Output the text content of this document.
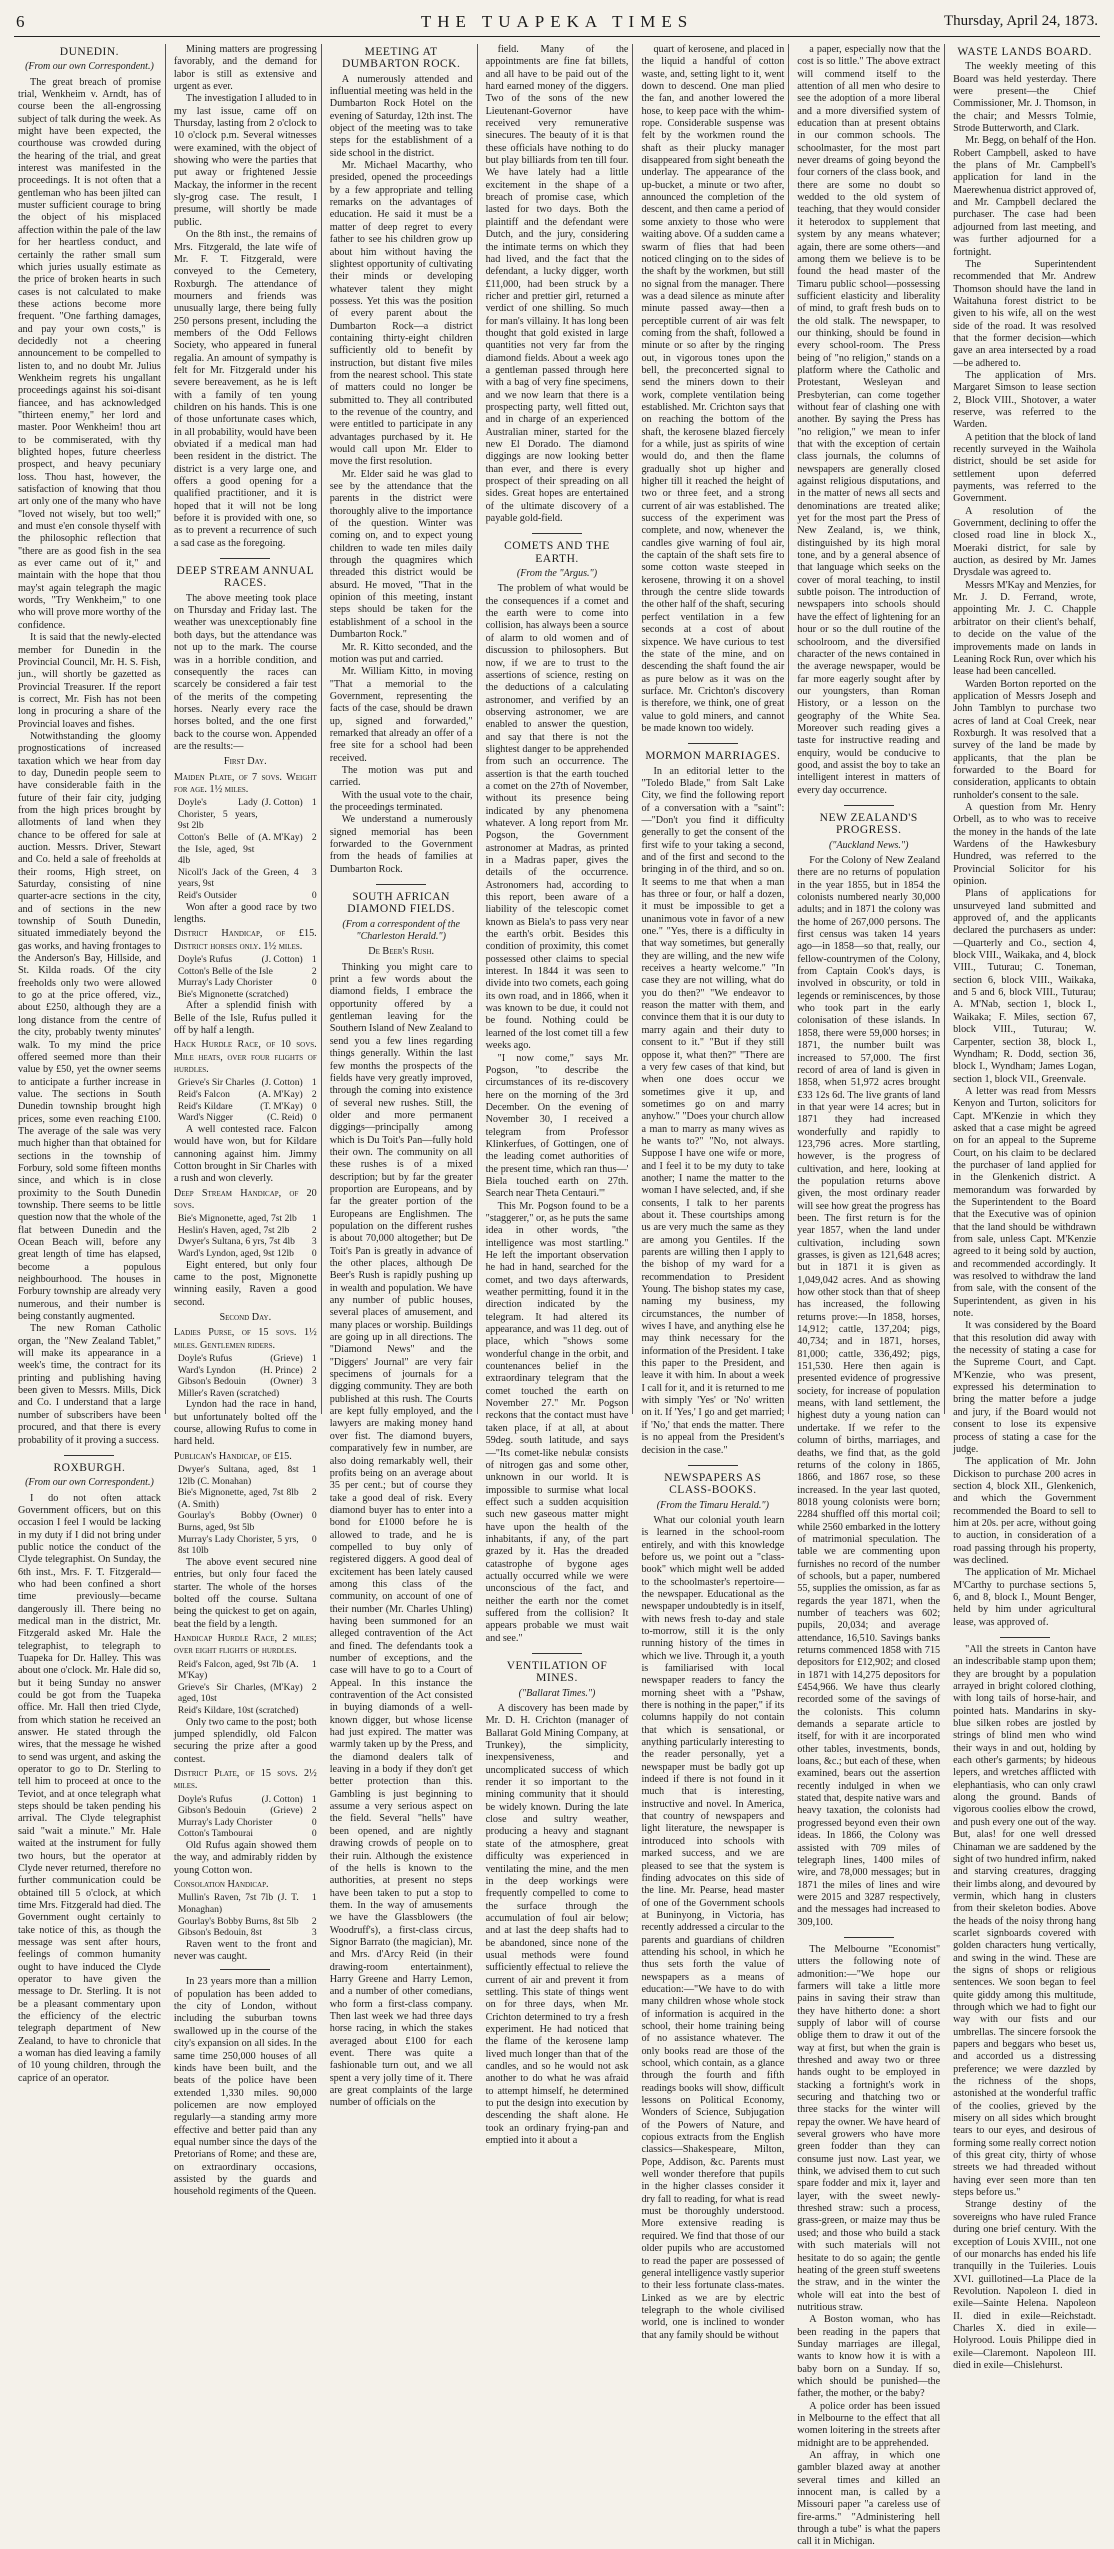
6	THE TUAPEKA TIMES	Thursday, April 24, 1873.
DUNEDIN.
(From our own Correspondent.)

The great breach of promise trial, Wenkheim v. Arndt, has of course been the all-engrossing subject of talk during the week. As might have been expected, the courthouse was crowded during the hearing of the trial, and great interest was manifested in the proceedings. It is not often that a gentleman who has been jilted can muster sufficient courage to bring the object of his misplaced affection within the pale of the law for her heartless conduct, and certainly the rather small sum which juries usually estimate as the price of broken hearts in such cases is not calculated to make these actions become more frequent. "One farthing damages, and pay your own costs," is decidedly not a cheering announcement to be compelled to listen to, and no doubt Mr. Julius Wenkheim regrets his ungallant proceedings against his soi-disant fiancee, and has acknowledged "thirteen enemy," her lord and master. Poor Wenkheim! thou art to be commiserated, with thy blighted hopes, future cheerless prospect, and heavy pecuniary loss. Thou hast, however, the satisfaction of knowing that thou art only one of the many who have "loved not wisely, but too well;" and must e'en console thyself with the philosophic reflection that "there are as good fish in the sea as ever came out of it," and maintain with the hope that thou may'st again telegraph the magic words, "Try Wenkheim," to one who will prove more worthy of the confidence.

It is said that the newly-elected member for Dunedin in the Provincial Council, Mr. H. S. Fish, jun., will shortly be gazetted as Provincial Treasurer. If the report is correct, Mr. Fish has not been long in procuring a share of the Provincial loaves and fishes.

Notwithstanding the gloomy prognostications of increased taxation which we hear from day to day, Dunedin people seem to have considerable faith in the future of their fair city, judging from the high prices brought by allotments of land when they chance to be offered for sale at auction. Messrs. Driver, Stewart and Co. held a sale of freeholds at their rooms, High street, on Saturday, consisting of nine quarter-acre sections in the city, and of sections in the new township of South Dunedin, situated immediately beyond the gas works, and having frontages to the Anderson's Bay, Hillside, and St. Kilda roads. Of the city freeholds only two were allowed to go at the price offered, viz., about £250, although they are a long distance from the centre of the city, probably twenty minutes' walk. To my mind the price offered seemed more than their value by £50, yet the owner seems to anticipate a further increase in value. The sections in South Dunedin township brought high prices, some even reaching £100. The average of the sale was very much higher than that obtained for sections in the township of Forbury, sold some fifteen months since, and which is in close proximity to the South Dunedin township. There seems to be little question now that the whole of the flat between Dunedin and the Ocean Beach will, before any great length of time has elapsed, become a populous neighbourhood. The houses in Forbury township are already very numerous, and their number is being constantly augmented.

The new Roman Catholic organ, the "New Zealand Tablet," will make its appearance in a week's time, the contract for its printing and publishing having been given to Messrs. Mills, Dick and Co. I understand that a large number of subscribers have been procured, and that there is every probability of it proving a success.

ROXBURGH.
(From our own Correspondent.)

I do not often attack Government officers, but on this occasion I feel I would be lacking in my duty if I did not bring under public notice the conduct of the Clyde telegraphist. On Sunday, the 6th inst., Mrs. F. T. Fitzgerald—who had been confined a short time previously—became dangerously ill. There being no medical man in the district, Mr. Fitzgerald asked Mr. Hale the telegraphist, to telegraph to Tuapeka for Dr. Halley. This was about one o'clock. Mr. Hale did so, but it being Sunday no answer could be got from the Tuapeka office. Mr. Hall then tried Clyde, from which station he received an answer. He stated through the wires, that the message he wished to send was urgent, and asking the operator to go to Dr. Sterling to tell him to proceed at once to the Teviot, and at once telegraph what steps should be taken pending his arrival. The Clyde telegraphist said "wait a minute." Mr. Hale waited at the instrument for fully two hours, but the operator at Clyde never returned, therefore no further communication could be obtained till 5 o'clock, at which time Mrs. Fitzgerald had died. The Government ought certainly to take notice of this, as though the message was sent after hours, feelings of common humanity ought to have induced the Clyde operator to have given the message to Dr. Sterling. It is not be a pleasant commentary upon the efficiency of the electric telegraph department of New Zealand, to have to chronicle that a woman has died leaving a family of 10 young children, through the caprice of an operator.

Mining matters are progressing favorably, and the demand for labor is still as extensive and urgent as ever.

The investigation I alluded to in my last issue, came off on Thursday, lasting from 2 o'clock to 10 o'clock p.m. Several witnesses were examined, with the object of showing who were the parties that put away or frightened Jessie Mackay, the informer in the recent sly-grog case. The result, I presume, will shortly be made public.

On the 8th inst., the remains of Mrs. Fitzgerald, the late wife of Mr. F. T. Fitzgerald, were conveyed to the Cemetery, Roxburgh. The attendance of mourners and friends was unusually large, there being fully 250 persons present, including the members of the Odd Fellows Society, who appeared in funeral regalia. An amount of sympathy is felt for Mr. Fitzgerald under his severe bereavement, as he is left with a family of ten young children on his hands. This is one of those unfortunate cases which, in all probability, would have been obviated if a medical man had been resident in the district. The district is a very large one, and offers a good opening for a qualified practitioner, and it is hoped that it will not be long before it is provided with one, so as to prevent a recurrence of such a sad case as the foregoing.

DEEP STREAM ANNUAL RACES.

The above meeting took place on Thursday and Friday last. The weather was unexceptionably fine both days, but the attendance was not up to the mark. The course was in a horrible condition, and consequently the races can scarcely be considered a fair test of the merits of the competing horses. Nearly every race the horses bolted, and the one first back to the course won. Appended are the results:—

First Day.
Maiden Plate, of 7 sovs. Weight for age. 1½ miles.
Doyle's Lady Chorister, 5 years, 9st 2lb
(J. Cotton) 1
Cotton's Belle of the Isle, aged, 9st 4lb
(A. M'Kay) 2
Nicoll's Jack of the Green, 4 years, 9st
3
Reid's Outsider	0

Won after a good race by two lengths.

District Handicap, of £15. District horses only. 1½ miles.
Doyle's Rufus	(J. Cotton) 1
Cotton's Belle of the Isle	2
Murray's Lady Chorister	0
Bie's Mignonette (scratched)

After a splendid finish with Belle of the Isle, Rufus pulled it off by half a length.

Hack Hurdle Race, of 10 sovs. Mile heats, over four flights of hurdles.
Grieve's Sir Charles (J. Cotton) 1
Reid's Falcon	(A. M'Kay) 2
Reid's Kildare	(T. M'Kay) 0
Ward's Nigger	(C. Reid) 0

A well contested race. Falcon would have won, but for Kildare cannoning against him. Jimmy Cotton brought in Sir Charles with a rush and won cleverly.

Deep Stream Handicap, of 20 sovs.
Bie's Mignonette, aged, 7st 2lb	1
Heslin's Haven, aged, 7st 2lb	2
Dwyer's Sultana, 6 yrs, 7st 4lb	3
Ward's Lyndon, aged, 9st 12lb	0

Eight entered, but only four came to the post, Mignonette winning easily, Raven a good second.

Second Day.
Ladies Purse, of 15 sovs. 1½ miles. Gentlemen riders.
Doyle's Rufus	(Grieve) 1
Ward's Lyndon	(H. Prince) 2
Gibson's Bedouin	(Owner) 3
Miller's Raven (scratched)

Lyndon had the race in hand, but unfortunately bolted off the course, allowing Rufus to come in hard held.

Publican's Handicap, of £15.
Dwyer's Sultana, aged, 8st 12lb (C. Monahan)
1
Bie's Mignonette, aged, 7st 8lb (A. Smith)
2
Gourlay's Bobby Burns, aged, 9st 5lb
(Owner) 0
Murray's Lady Chorister, 5 yrs, 8st 10lb
0

The above event secured nine entries, but only four faced the starter. The whole of the horses bolted off the course. Sultana being the quickest to get on again, beat the field by a length.

Handicap Hurdle Race, 2 miles; over eight flights of hurdles.
Reid's Falcon, aged, 9st 7lb (A. M'Kay)
1
Grieve's Sir Charles, aged, 10st
(M'Kay) 2
Reid's Kildare, 10st (scratched)

Only two came to the post; both jumped splendidly, old Falcon securing the prize after a good contest.

District Plate, of 15 sovs. 2½ miles.
Doyle's Rufus	(J. Cotton) 1
Gibson's Bedouin	(Grieve) 2
Murray's Lady Chorister	0
Cotton's Tambourai	0

Old Rufus again showed them the way, and admirably ridden by young Cotton won.

Consolation Handicap.
Mullin's Raven, 7st 7lb (J. T. Monaghan)
1
Gourlay's Bobby Burns, 8st 5lb	2
Gibson's Bedouin, 8st	3

Raven went to the front and never was caught.

In 23 years more than a million of population has been added to the city of London, without including the suburban towns swallowed up in the course of the city's expansion on all sides. In the same time 250,000 houses of all kinds have been built, and the beats of the police have been extended 1,330 miles. 90,000 policemen are now employed regularly—a standing army more effective and better paid than any equal number since the days of the Pretorians of Rome; and these are, on extraordinary occasions, assisted by the guards and household regiments of the Queen.

MEETING AT DUMBARTON ROCK.

A numerously attended and influential meeting was held in the Dumbarton Rock Hotel on the evening of Saturday, 12th inst. The object of the meeting was to take steps for the establishment of a side school in the district.

Mr. Michael Macarthy, who presided, opened the proceedings by a few appropriate and telling remarks on the advantages of education. He said it must be a matter of deep regret to every father to see his children grow up about him without having the slightest opportunity of cultivating their minds or developing whatever talent they might possess. Yet this was the position of every parent about the Dumbarton Rock—a district containing thirty-eight children sufficiently old to benefit by instruction, but distant five miles from the nearest school. This state of matters could no longer be submitted to. They all contributed to the revenue of the country, and were entitled to participate in any advantages purchased by it. He would call upon Mr. Elder to move the first resolution.

Mr. Elder said he was glad to see by the attendance that the parents in the district were thoroughly alive to the importance of the question. Winter was coming on, and to expect young children to wade ten miles daily through the quagmires which threaded this district would be absurd. He moved, "That in the opinion of this meeting, instant steps should be taken for the establishment of a school in the Dumbarton Rock."

Mr. R. Kitto seconded, and the motion was put and carried.

Mr. William Kitto, in moving "That a memorial to the Government, representing the facts of the case, should be drawn up, signed and forwarded," remarked that already an offer of a free site for a school had been received.

The motion was put and carried.

With the usual vote to the chair, the proceedings terminated.

We understand a numerously signed memorial has been forwarded to the Government from the heads of families at Dumbarton Rock.

SOUTH AFRICAN DIAMOND FIELDS.
(From a correspondent of the "Charleston Herald.")
De Beer's Rush.

Thinking you might care to print a few words about the diamond fields, I embrace the opportunity offered by a gentleman leaving for the Southern Island of New Zealand to send you a few lines regarding things generally. Within the last few months the prospects of the fields have very greatly improved, through the coming into existence of several new rushes. Still, the older and more permanent diggings—principally among which is Du Toit's Pan—fully hold their own. The community on all these rushes is of a mixed description; but by far the greater proportion are Europeans, and by far the greater portion of the Europeans are Englishmen. The population on the different rushes is about 70,000 altogether; but De Toit's Pan is greatly in advance of the other places, although De Beer's Rush is rapidly pushing up in wealth and population. We have any number of public houses, several places of amusement, and many places or worship. Buildings are going up in all directions. The "Diamond News" and the "Diggers' Journal" are very fair specimens of journals for a digging community. They are both published at this rush. The Courts are kept fully employed, and the lawyers are making money hand over fist. The diamond buyers, comparatively few in number, are also doing remarkably well, their profits being on an average about 35 per cent.; but of course they take a good deal of risk. Every diamond buyer has to enter into a bond for £1000 before he is allowed to trade, and he is compelled to buy only of registered diggers. A good deal of excitement has been lately caused among this class of the community, on account of one of their number (Mr. Charles Uhling) having been summoned for an alleged contravention of the Act and fined. The defendants took a number of exceptions, and the case will have to go to a Court of Appeal. In this instance the contravention of the Act consisted in buying diamonds of a well-known digger, but whose license had just expired. The matter was warmly taken up by the Press, and the diamond dealers talk of leaving in a body if they don't get better protection than this. Gambling is just beginning to assume a very serious aspect on the field. Several "hells" have been opened, and are nightly drawing crowds of people on to their ruin. Although the existence of the hells is known to the authorities, at present no steps have been taken to put a stop to them. In the way of amusements we have the Glassblowers (the Woodruff's), a first-class circus, Signor Barrato (the magician), Mr. and Mrs. d'Arcy Reid (in their drawing-room entertainment), Harry Greene and Harry Lemon, and a number of other comedians, who form a first-class company. Then last week we had three days horse racing, in which the stakes averaged about £100 for each event. There was quite a fashionable turn out, and we all spent a very jolly time of it. There are great complaints of the large number of officials on the

field. Many of the appointments are fine fat billets, and all have to be paid out of the hard earned money of the diggers. Two of the sons of the new Lieutenant-Governor have received very remunerative sinecures. The beauty of it is that these officials have nothing to do but play billiards from ten till four. We have lately had a little excitement in the shape of a breach of promise case, which lasted for two days. Both the plaintiff and the defendant were Dutch, and the jury, considering the intimate terms on which they had lived, and the fact that the defendant, a lucky digger, worth £11,000, had been struck by a richer and prettier girl, returned a verdict of one shilling. So much for man's villainy. It has long been thought that gold existed in large quantities not very far from the diamond fields. About a week ago a gentleman passed through here with a bag of very fine specimens, and we now learn that there is a prospecting party, well fitted out, and in charge of an experienced Australian miner, started for the new El Dorado. The diamond diggings are now looking better than ever, and there is every prospect of their spreading on all sides. Great hopes are entertained of the ultimate discovery of a payable gold-field.

COMETS AND THE EARTH.
(From the "Argus.")

The problem of what would be the consequences if a comet and the earth were to come into collision, has always been a source of alarm to old women and of discussion to philosophers. But now, if we are to trust to the assertions of science, resting on the deductions of a calculating astronomer, and verified by an observing astronomer, we are enabled to answer the question, and say that there is not the slightest danger to be apprehended from such an occurrence. The assertion is that the earth touched a comet on the 27th of November, without its presence being indicated by any phenomena whatever. A long report from Mr. Pogson, the Government astronomer at Madras, as printed in a Madras paper, gives the details of the occurrence. Astronomers had, according to this report, been aware of a liability of the telescopic comet known as Biela's to pass very near the earth's orbit. Besides this condition of proximity, this comet possessed other claims to special interest. In 1844 it was seen to divide into two comets, each going its own road, and in 1866, when it was known to be due, it could not be found. Nothing could be learned of the lost comet till a few weeks ago.

"I now come," says Mr. Pogson, "to describe the circumstances of its re-discovery here on the morning of the 3rd December. On the evening of November 30, I received a telegram from Professor Klinkerfues, of Gottingen, one of the leading comet authorities of the present time, which ran thus—' Biela touched earth on 27th. Search near Theta Centauri.'"

This Mr. Pogson found to be a "staggerer," or, as he puts the same idea in other words, "the intelligence was most startling." He left the important observation he had in hand, searched for the comet, and two days afterwards, weather permitting, found it in the direction indicated by the telegram. It had altered its appearance, and was 11 deg. out of place, which "shows some wonderful change in the orbit, and countenances belief in the extraordinary telegram that the comet touched the earth on November 27." Mr. Pogson reckons that the contact must have taken place, if at all, at about 59deg. south latitude, and says—"Its comet-like nebulæ consists of nitrogen gas and some other, unknown in our world. It is impossible to surmise what local effect such a sudden acquisition such new gaseous matter might have upon the health of the inhabitants, if any, of the part grazed by it. Has the dreaded catastrophe of bygone ages actually occurred while we were unconscious of the fact, and neither the earth nor the comet suffered from the collision? It appears probable we must wait and see."

VENTILATION OF MINES.
("Ballarat Times.")

A discovery has been made by Mr. D. H. Crichton (manager of Ballarat Gold Mining Company, at Trunkey), the simplicity, inexpensiveness, and uncomplicated success of which render it so important to the mining community that it should be widely known. During the late close and sultry weather, producing a heavy and stagnant state of the atmosphere, great difficulty was experienced in ventilating the mine, and the men in the deep workings were frequently compelled to come to the surface through the accumulation of foul air below; and at last the deep shafts had to be abandoned, since none of the usual methods were found sufficiently effectual to relieve the current of air and prevent it from settling. This state of things went on for three days, when Mr. Crichton determined to try a fresh experiment. He had noticed that the flame of the kerosene lamp lived much longer than that of the candles, and so he would not ask another to do what he was afraid to attempt himself, he determined to put the design into execution by descending the shaft alone. He took an ordinary frying-pan and emptied into it about a

quart of kerosene, and placed in the liquid a handful of cotton waste, and, setting light to it, went down to descend. One man plied the fan, and another lowered the hose, to keep pace with the whim-rope. Considerable suspense was felt by the workmen round the shaft as their plucky manager disappeared from sight beneath the underlay. The appearance of the up-bucket, a minute or two after, announced the completion of the descent, and then came a period of some anxiety to those who were waiting above. Of a sudden came a swarm of flies that had been noticed clinging on to the sides of the shaft by the workmen, but still no signal from the manager. There was a dead silence as minute after minute passed away—then a perceptible current of air was felt coming from the shaft, followed a minute or so after by the ringing out, in vigorous tones upon the bell, the preconcerted signal to send the miners down to their work, complete ventilation being established. Mr. Crichton says that on reaching the bottom of the shaft, the kerosene blazed fiercely for a while, just as spirits of wine would do, and then the flame gradually shot up higher and higher till it reached the height of two or three feet, and a strong current of air was established. The success of the experiment was complete, and now, whenever the candles give warning of foul air, the captain of the shaft sets fire to some cotton waste steeped in kerosene, throwing it on a shovel through the centre slide towards the other half of the shaft, securing perfect ventilation in a few seconds at a cost of about sixpence. We have curious to test the state of the mine, and on descending the shaft found the air as pure below as it was on the surface. Mr. Crichton's discovery is therefore, we think, one of great value to gold miners, and cannot be made known too widely.

MORMON MARRIAGES.

In an editorial letter to the "Toledo Blade," from Salt Lake City, we find the following report of a conversation with a "saint":—"Don't you find it difficulty generally to get the consent of the first wife to your taking a second, and of the first and second to the bringing in of the third, and so on. It seems to me that when a man has three or four, or half a dozen, it must be impossible to get a unanimous vote in favor of a new one." "Yes, there is a difficulty in that way sometimes, but generally they are willing, and the new wife receives a hearty welcome." "In case they are not willing, what do you do then?" "We endeavor to reason the matter with them, and convince them that it is our duty to marry again and their duty to consent to it." "But if they still oppose it, what then?" "There are a very few cases of that kind, but when one does occur we sometimes give it up, and sometimes go on and marry anyhow." "Does your church allow a man to marry as many wives as he wants to?" "No, not always. Suppose I have one wife or more, and I feel it to be my duty to take another; I name the matter to the woman I have selected, and, if she consents, I talk to her parents about it. These courtships among us are very much the same as they are among you Gentiles. If the parents are willing then I apply to the bishop of my ward for a recommendation to President Young. The bishop states my case, naming my business, my circumstances, the number of wives I have, and anything else he may think necessary for the information of the President. I take this paper to the President, and leave it with him. In about a week I call for it, and it is returned to me with simply 'Yes' or 'No' written on it. If 'Yes,' I go and get married; if 'No,' that ends the matter. There is no appeal from the President's decision in the case."

NEWSPAPERS AS CLASS-BOOKS.
(From the Timaru Herald.")

What our colonial youth learn is learned in the school-room entirely, and with this knowledge before us, we point out a "class-book" which might well be added to the schoolmaster's repertoire—the newspaper. Educational as the newspaper undoubtedly is in itself, with news fresh to-day and stale to-morrow, still it is the only running history of the times in which we live. Through it, a youth is familiarised with local newspaper readers to fancy the morning sheet with a "Pshaw, there is nothing in the paper," if its columns happily do not contain that which is sensational, or anything particularly interesting to the reader personally, yet a newspaper must be badly got up indeed if there is not found in it much that is interesting, instructive and novel. In America, that country of newspapers and light literature, the newspaper is introduced into schools with marked success, and we are pleased to see that the system is finding advocates on this side of the line. Mr. Pearse, head master of one of the Government schools at Buninyong, in Victoria, has recently addressed a circular to the parents and guardians of children attending his school, in which he thus sets forth the value of newspapers as a means of education:—"We have to do with many children whose whole stock of information is acquired in the school, their home training being of no assistance whatever. The only books read are those of the school, which contain, as a glance through the fourth and fifth readings books will show, difficult lessons on Political Economy, Wonders of Science, Subjugation of the Powers of Nature, and copious extracts from the English classics—Shakespeare, Milton, Pope, Addison, &c. Parents must well wonder therefore that pupils in the higher classes consider it dry fall to reading, for what is read must be thoroughly understood. More extensive reading is required. We find that those of our older pupils who are accustomed to read the paper are possessed of general intelligence vastly superior to their less fortunate class-mates. Linked as we are by electric telegraph to the whole civilised world, one is inclined to wonder that any family should be without

a paper, especially now that the cost is so little." The above extract will commend itself to the attention of all men who desire to see the adoption of a more liberal and a more diversified system of education than at present obtains in our common schools. The schoolmaster, for the most part never dreams of going beyond the four corners of the class book, and there are some no doubt so wedded to the old system of teaching, that they would consider it heterodox to supplement that system by any means whatever; again, there are some others—and among them we believe is to be found the head master of the Timaru public school—possessing sufficient elasticity and liberality of mind, to graft fresh buds on to the old stalk. The newspaper, to our thinking, should be found in every school-room. The Press being of "no religion," stands on a platform where the Catholic and Protestant, Wesleyan and Presbyterian, can come together without fear of clashing one with another. By saying the Press has "no religion," we mean to infer that with the exception of certain class journals, the columns of newspapers are generally closed against religious disputations, and in the matter of news all sects and denominations are treated alike; yet for the most part the Press of New Zealand, is, we think, distinguished by its high moral tone, and by a general absence of that language which seeks on the cover of moral teaching, to instil subtle poison. The introduction of newspapers into schools should have the effect of lightening for an hour or so the dull routine of the schoolroom, and the diversified character of the news contained in the average newspaper, would be far more eagerly sought after by our youngsters, than Roman History, or a lesson on the geography of the White Sea. Moreover such reading gives a taste for instructive reading and enquiry, would be conducive to good, and assist the boy to take an intelligent interest in matters of every day occurrence.

NEW ZEALAND'S PROGRESS.
("Auckland News.")

For the Colony of New Zealand there are no returns of population in the year 1855, but in 1854 the colonists numbered nearly 30,000 adults; and in 1871 the colony was the home of 267,000 persons. The first census was taken 14 years ago—in 1858—so that, really, our fellow-countrymen of the Colony, from Captain Cook's days, is involved in obscurity, or told in legends or reminiscences, by those who took part in the early colonisation of these islands. In 1858, there were 59,000 horses; in 1871, the number built was increased to 57,000. The first record of area of land is given in 1858, when 51,972 acres brought £33 12s 6d. The live grants of land in that year were 14 acres; but in 1871 they had increased wonderfully and rapidly to 123,796 acres. More startling, however, is the progress of cultivation, and here, looking at the population returns above given, the most ordinary reader will see how great the progress has been. The first return is for the year 1857, when the land under cultivation, including sown grasses, is given as 121,648 acres; but in 1871 it is given as 1,049,042 acres. And as showing how other stock than that of sheep has increased, the following returns prove:—In 1858, horses, 14,912; cattle, 137,204; pigs, 40,734; and in 1871, horses, 81,000; cattle, 336,492; pigs, 151,530. Here then again is presented evidence of progressive society, for increase of population means, with land settlement, the highest duty a young nation can undertake. If we refer to the column of births, marriages, and deaths, we find that, as the gold returns of the colony in 1865, 1866, and 1867 rose, so these increased. In the year last quoted, 8018 young colonists were born; 2284 shuffled off this mortal coil; while 2560 embarked in the lottery of matrimonial speculation. The table we are commenting upon furnishes no record of the number of schools, but a paper, numbered 55, supplies the omission, as far as regards the year 1871, when the number of teachers was 602; pupils, 20,034; and average attendance, 16,510. Savings banks returns commenced 1858 with 715 depositors for £12,902; and closed in 1871 with 14,275 depositors for £454,966. We have thus clearly recorded some of the savings of the colonists. This column demands a separate article to itself, for with it are incorporated other tables, investments, bonds, loans, &c.; but each of these, when examined, bears out the assertion recently indulged in when we stated that, despite native wars and heavy taxation, the colonists had progressed beyond even their own ideas. In 1866, the Colony was assisted with 709 miles of telegraph lines, 1400 miles of wire, and 78,000 messages; but in 1871 the miles of lines and wire were 2015 and 3287 respectively, and the messages had increased to 309,100.

The Melbourne "Economist" utters the following note of admonition:—"We hope our farmers will take a little more pains in saving their straw than they have hitherto done: a short supply of labor will of course oblige them to draw it out of the way at first, but when the grain is threshed and away two or three hands ought to be employed in stacking a fortnight's work in securing and thatching two or three stacks for the winter will repay the owner. We have heard of several growers who have more green fodder than they can consume just now. Last year, we think, we advised them to cut such spare fodder and mix it, layer and layer, with the sweet newly-threshed straw: such a process, grass-green, or maize may thus be used; and those who build a stack with such materials will not hesitate to do so again; the gentle heating of the green stuff sweetens the straw, and in the winter the whole will eat into the best of nutritious straw.

A Boston woman, who has been reading in the papers that Sunday marriages are illegal, wants to know how it is with a baby born on a Sunday. If so, which should be punished—the father, the mother, or the baby?

A police order has been issued in Melbourne to the effect that all women loitering in the streets after midnight are to be apprehended.

An affray, in which one gambler blazed away at another several times and killed an innocent man, is called by a Missouri paper "a careless use of fire-arms." "Administering hell through a tube" is what the papers call it in Michigan.

WASTE LANDS BOARD.

The weekly meeting of this Board was held yesterday. There were present—the Chief Commissioner, Mr. J. Thomson, in the chair; and Messrs Tolmie, Strode Butterworth, and Clark.

Mr. Begg, on behalf of the Hon. Robert Campbell, asked to have the plans of Mr. Campbell's application for land in the Maerewhenua district approved of, and Mr. Campbell declared the purchaser. The case had been adjourned from last meeting, and was further adjourned for a fortnight.

The Superintendent recommended that Mr. Andrew Thomson should have the land in Waitahuna forest district to be given to his wife, all on the west side of the road. It was resolved that the former decision—which gave an area intersected by a road—be adhered to.

The application of Mrs. Margaret Simson to lease section 2, Block VIII., Shotover, a water reserve, was referred to the Warden.

A petition that the block of land recently surveyed in the Waihola district, should be set aside for settlement upon deferred payments, was referred to the Government.

A resolution of the Government, declining to offer the closed road line in block X., Moeraki district, for sale by auction, as desired by Mr. James Drysdale was agreed to.

Messrs M'Kay and Menzies, for Mr. J. D. Ferrand, wrote, appointing Mr. J. C. Chapple arbitrator on their client's behalf, to decide on the value of the improvements made on lands in Leaning Rock Run, over which his lease had been cancelled.

Warden Borton reported on the application of Messrs Joseph and John Tamblyn to purchase two acres of land at Coal Creek, near Roxburgh. It was resolved that a survey of the land be made by applicants, that the plan be forwarded to the Board for consideration, applicants to obtain runholder's consent to the sale.

A question from Mr. Henry Orbell, as to who was to receive the money in the hands of the late Wardens of the Hawkesbury Hundred, was referred to the Provincial Solicitor for his opinion.

Plans of applications for unsurveyed land submitted and approved of, and the applicants declared the purchasers as under:—Quarterly and Co., section 4, block VIII., Waikaka, and 4, block VIII., Tuturau; C. Toneman, section 6, block VIII., Waikaka, and 5 and 6, block VIII., Tuturau; A. M'Nab, section 1, block I., Waikaka; F. Miles, section 67, block VIII., Tuturau; W. Carpenter, section 38, block I., Wyndham; R. Dodd, section 36, block I., Wyndham; James Logan, section 1, block VII., Greenvale.

A letter was read from Messrs Kenyon and Turton, solicitors for Capt. M'Kenzie in which they asked that a case might be agreed on for an appeal to the Supreme Court, on his claim to be declared the purchaser of land applied for in the Glenkenich district. A memorandum was forwarded by the Superintendent to the Board that the Executive was of opinion that the land should be withdrawn from sale, unless Capt. M'Kenzie agreed to it being sold by auction, and recommended accordingly. It was resolved to withdraw the land from sale, with the consent of the Superintendent, as given in his note.

It was considered by the Board that this resolution did away with the necessity of stating a case for the Supreme Court, and Capt. M'Kenzie, who was present, expressed his determination to bring the matter before a judge and jury, if the Board would not consent to lose its expensive process of stating a case for the judge.

The application of Mr. John Dickison to purchase 200 acres in section 4, block XII., Glenkenich, and which the Government recommended the Board to sell to him at 20s. per acre, without going to auction, in consideration of a road passing through his property, was declined.

The application of Mr. Michael M'Carthy to purchase sections 5, 6, and 8, block I., Mount Benger, held by him under agricultural lease, was approved of.

"All the streets in Canton have an indescribable stamp upon them; they are brought by a population arrayed in bright colored clothing, with long tails of horse-hair, and pointed hats. Mandarins in sky-blue silken robes are jostled by strings of blind men who wind their ways in and out, holding by each other's garments; by hideous lepers, and wretches afflicted with elephantiasis, who can only crawl along the ground. Bands of vigorous coolies elbow the crowd, and push every one out of the way. But, alas! for one well dressed Chinaman we are saddened by the sight of two hundred infirm, naked and starving creatures, dragging their limbs along, and devoured by vermin, which hang in clusters from their skeleton bodies. Above the heads of the noisy throng hang scarlet signboards covered with golden characters hung vertically, and swing in the wind. These are the signs of shops or religious sentences. We soon began to feel quite giddy among this multitude, through which we had to fight our way with our fists and our umbrellas. The sincere forsook the papers and beggars who beset us, and accorded us a distressing preference; we were dazzled by the richness of the shops, astonished at the wonderful traffic of the coolies, grieved by the misery on all sides which brought tears to our eyes, and desirous of forming some really correct notion of this great city, thirty of whose streets we had threaded without having ever seen more than ten steps before us."

Strange destiny of the sovereigns who have ruled France during one brief century. With the exception of Louis XVIII., not one of our monarchs has ended his life tranquilly in the Tuileries. Louis XVI. guillotined—La Place de la Revolution. Napoleon I. died in exile—Sainte Helena. Napoleon II. died in exile—Reichstadt. Charles X. died in exile—Holyrood. Louis Philippe died in exile—Claremont. Napoleon III. died in exile—Chislehurst.
